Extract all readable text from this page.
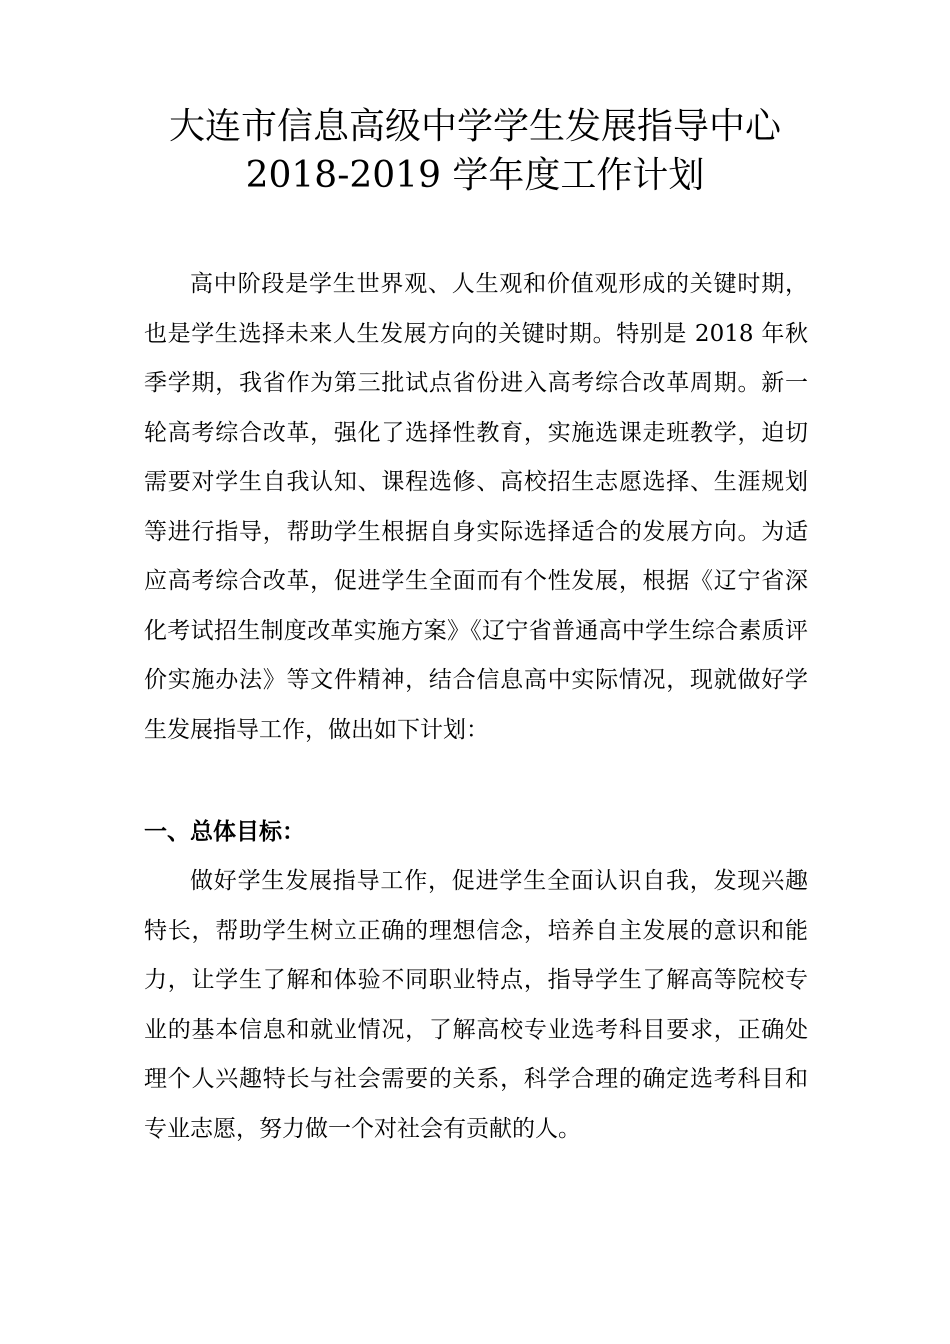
大连市信息高级中学学生发展指导中心
2018-2019 学年度工作计划
高中阶段是学生世界观、人生观和价值观形成的关键时期，也是学生选择未来人生发展方向的关键时期。特别是 2018 年秋季学期，我省作为第三批试点省份进入高考综合改革周期。新一轮高考综合改革，强化了选择性教育，实施选课走班教学，迫切需要对学生自我认知、课程选修、高校招生志愿选择、生涯规划等进行指导，帮助学生根据自身实际选择适合的发展方向。为适应高考综合改革，促进学生全面而有个性发展，根据《辽宁省深化考试招生制度改革实施方案》《辽宁省普通高中学生综合素质评价实施办法》等文件精神，结合信息高中实际情况，现就做好学生发展指导工作，做出如下计划：
一、总体目标：
做好学生发展指导工作，促进学生全面认识自我，发现兴趣特长，帮助学生树立正确的理想信念，培养自主发展的意识和能力，让学生了解和体验不同职业特点，指导学生了解高等院校专业的基本信息和就业情况，了解高校专业选考科目要求，正确处理个人兴趣特长与社会需要的关系，科学合理的确定选考科目和专业志愿，努力做一个对社会有贡献的人。
